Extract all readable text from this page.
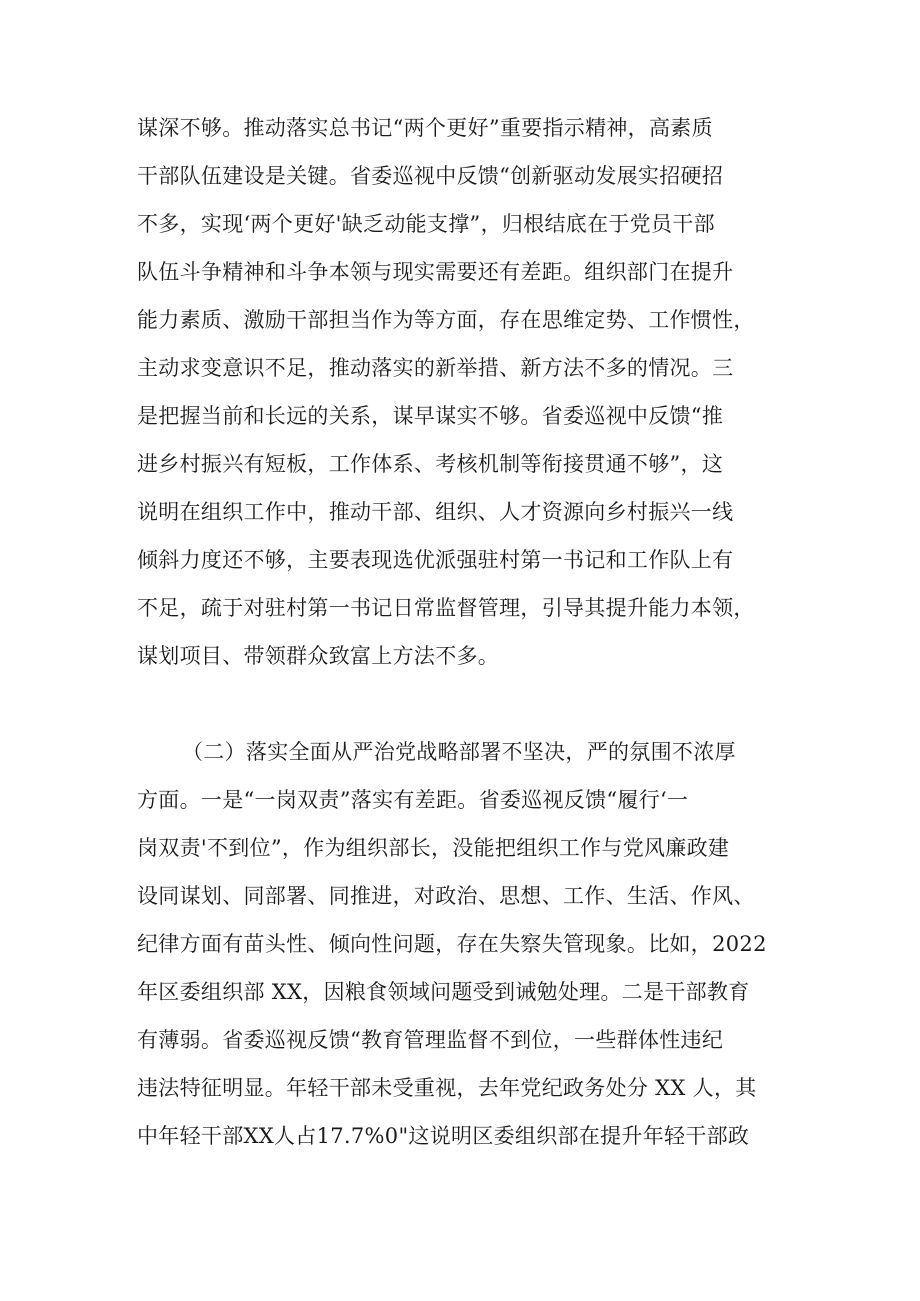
谋深不够。推动落实总书记“两个更好”重要指示精神，高素质
干部队伍建设是关键。省委巡视中反馈“创新驱动发展实招硬招
不多，实现‘两个更好'缺乏动能支撑”，归根结底在于党员干部
队伍斗争精神和斗争本领与现实需要还有差距。组织部门在提升
能力素质、激励干部担当作为等方面，存在思维定势、工作惯性，
主动求变意识不足，推动落实的新举措、新方法不多的情况。三
是把握当前和长远的关系，谋早谋实不够。省委巡视中反馈“推
进乡村振兴有短板，工作体系、考核机制等衔接贯通不够”，这
说明在组织工作中，推动干部、组织、人才资源向乡村振兴一线
倾斜力度还不够，主要表现选优派强驻村第一书记和工作队上有
不足，疏于对驻村第一书记日常监督管理，引导其提升能力本领，
谋划项目、带领群众致富上方法不多。
（二）落实全面从严治党战略部署不坚决，严的氛围不浓厚
方面。一是“一岗双责”落实有差距。省委巡视反馈“履行‘一
岗双责'不到位”，作为组织部长，没能把组织工作与党风廉政建
设同谋划、同部署、同推进，对政治、思想、工作、生活、作风、
纪律方面有苗头性、倾向性问题，存在失察失管现象。比如，2022
年区委组织部 XX，因粮食领域问题受到诫勉处理。二是干部教育
有薄弱。省委巡视反馈“教育管理监督不到位，一些群体性违纪
违法特征明显。年轻干部未受重视，去年党纪政务处分 XX 人，其
中年轻干部XX人占17.7%0"这说明区委组织部在提升年轻干部政
